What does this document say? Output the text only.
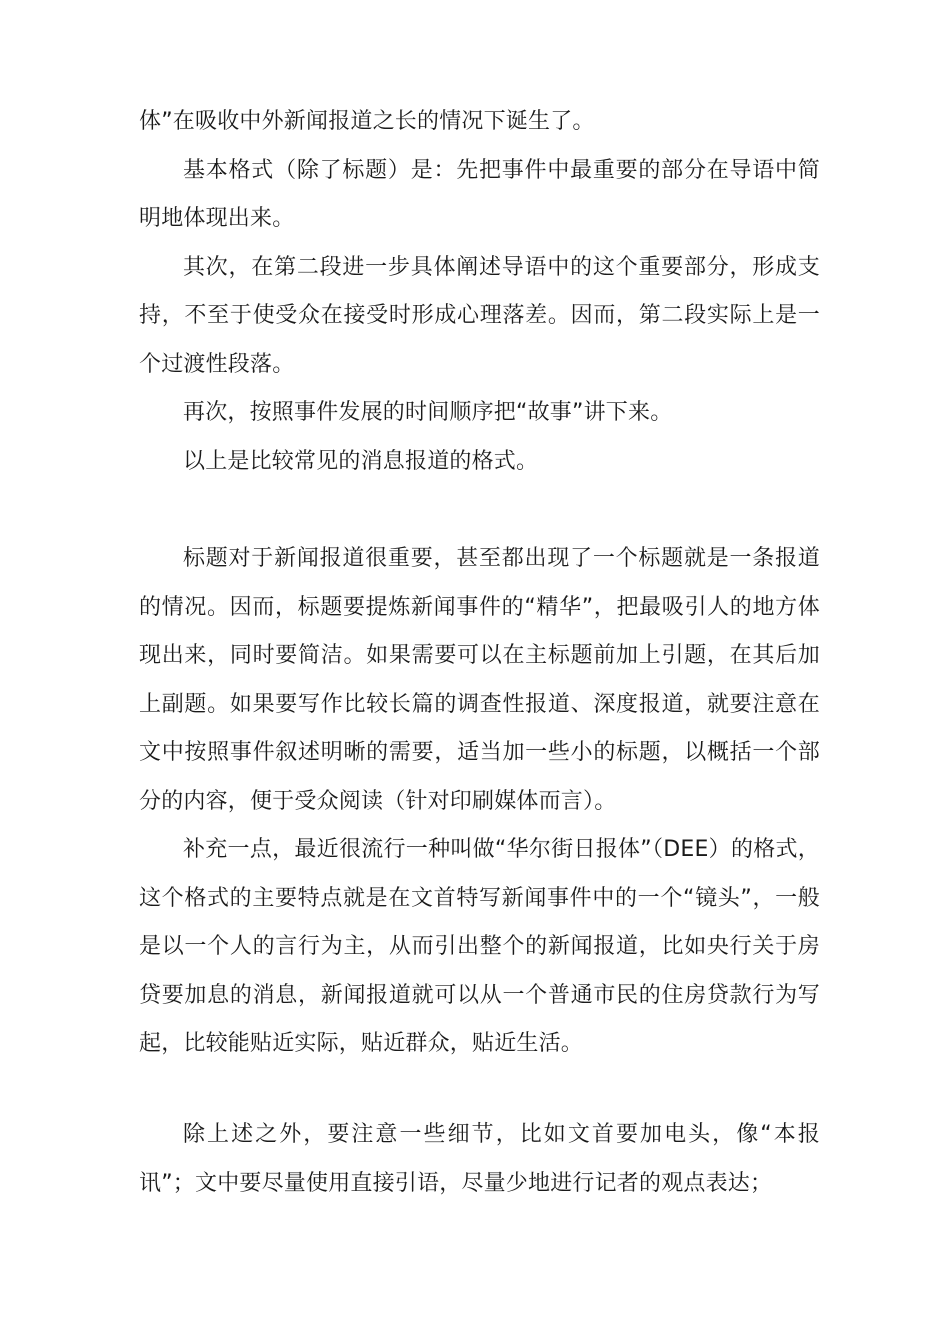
体”在吸收中外新闻报道之长的情况下诞生了。

基本格式（除了标题）是：先把事件中最重要的部分在导语中简明地体现出来。

其次，在第二段进一步具体阐述导语中的这个重要部分，形成支持，不至于使受众在接受时形成心理落差。因而，第二段实际上是一个过渡性段落。

再次，按照事件发展的时间顺序把“故事”讲下来。

以上是比较常见的消息报道的格式。

标题对于新闻报道很重要，甚至都出现了一个标题就是一条报道的情况。因而，标题要提炼新闻事件的“精华”，把最吸引人的地方体现出来，同时要简洁。如果需要可以在主标题前加上引题，在其后加上副题。如果要写作比较长篇的调查性报道、深度报道，就要注意在文中按照事件叙述明晰的需要，适当加一些小的标题，以概括一个部分的内容，便于受众阅读（针对印刷媒体而言）。

补充一点，最近很流行一种叫做“华尔街日报体”（DEE）的格式，这个格式的主要特点就是在文首特写新闻事件中的一个“镜头”，一般是以一个人的言行为主，从而引出整个的新闻报道，比如央行关于房贷要加息的消息，新闻报道就可以从一个普通市民的住房贷款行为写起，比较能贴近实际，贴近群众，贴近生活。

除上述之外，要注意一些细节，比如文首要加电头，像“本报讯”；文中要尽量使用直接引语，尽量少地进行记者的观点表达；
